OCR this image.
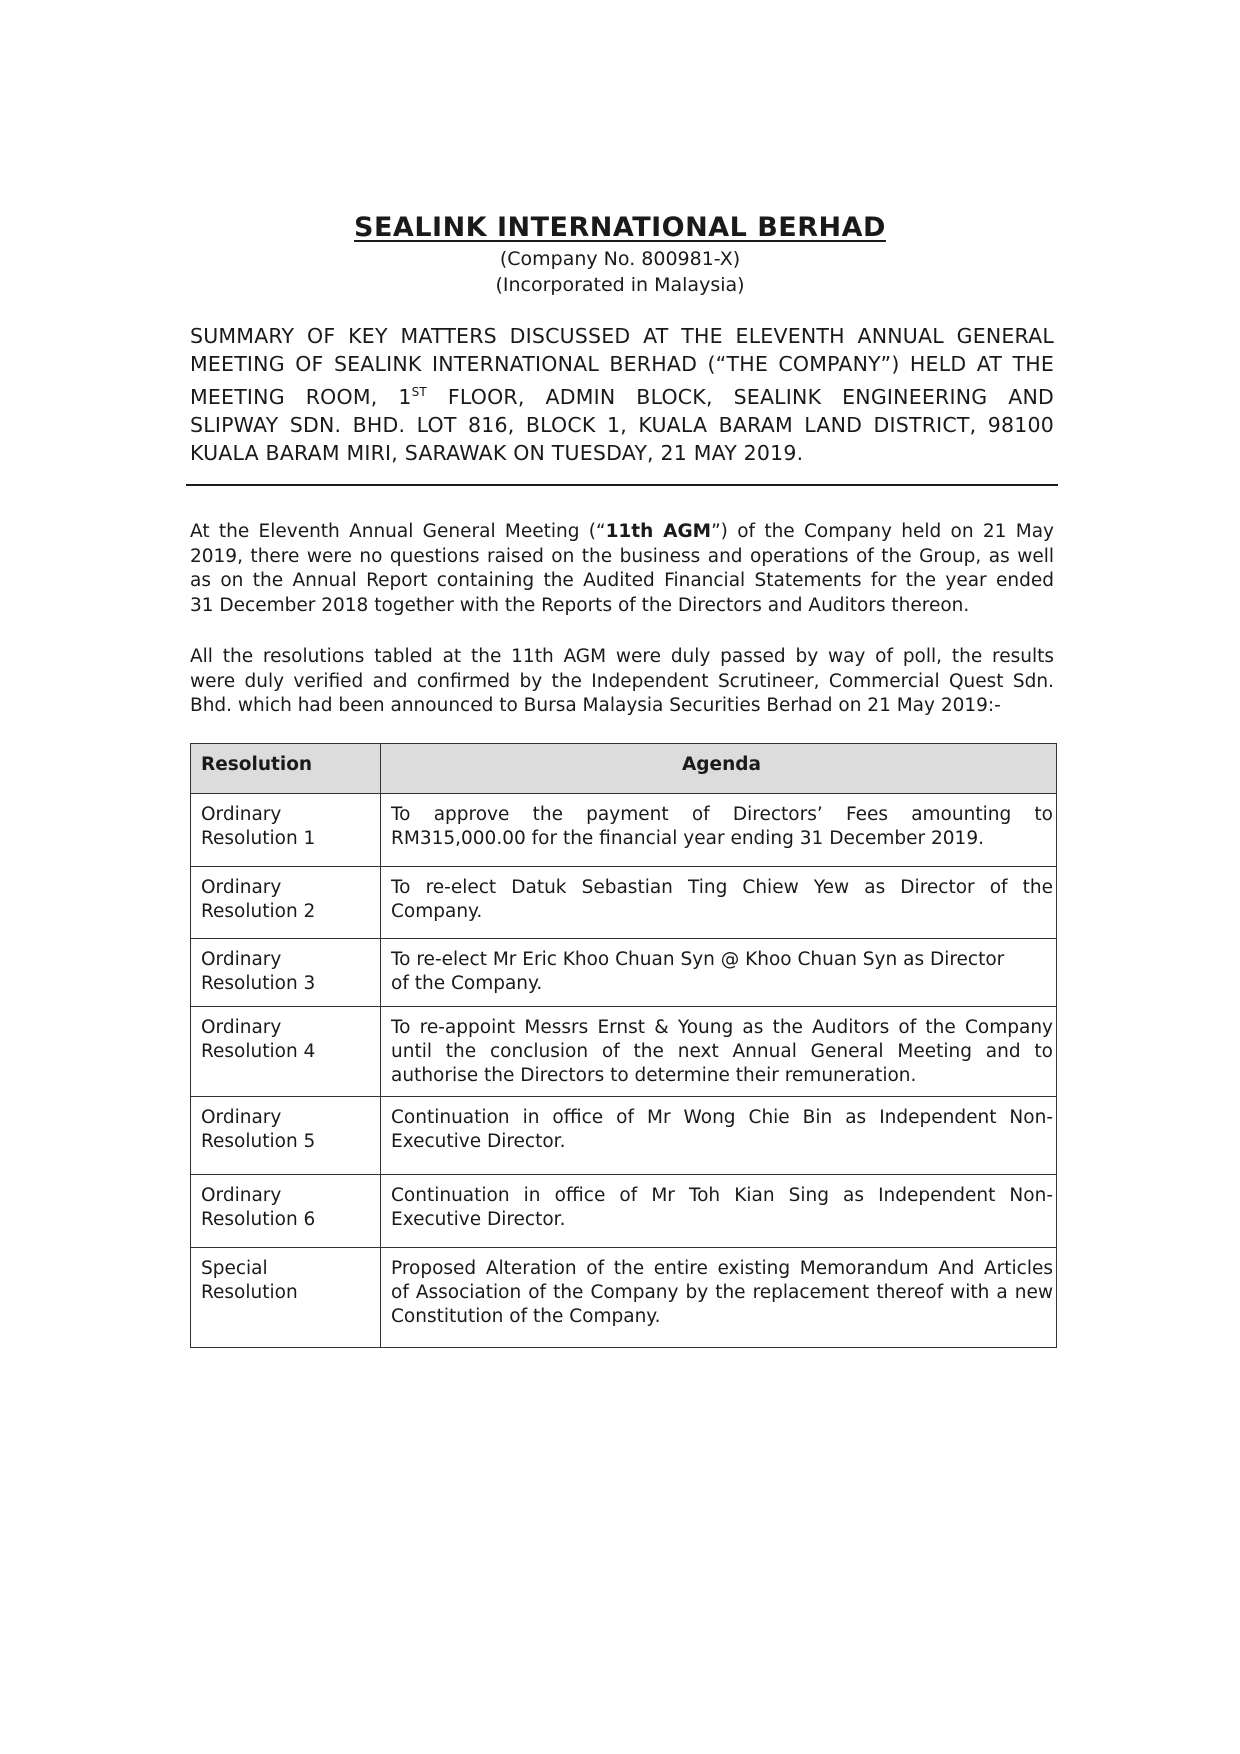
SEALINK INTERNATIONAL BERHAD
(Company No. 800981-X)
(Incorporated in Malaysia)
SUMMARY OF KEY MATTERS DISCUSSED AT THE ELEVENTH ANNUAL GENERAL
MEETING OF SEALINK INTERNATIONAL BERHAD (“THE COMPANY”) HELD AT THE
MEETING ROOM, 1ST FLOOR, ADMIN BLOCK, SEALINK ENGINEERING AND
SLIPWAY SDN. BHD. LOT 816, BLOCK 1, KUALA BARAM LAND DISTRICT, 98100
KUALA BARAM MIRI, SARAWAK ON TUESDAY, 21 MAY 2019.
At the Eleventh Annual General Meeting (“11th AGM”) of the Company held on 21 May
2019, there were no questions raised on the business and operations of the Group, as well
as on the Annual Report containing the Audited Financial Statements for the year ended
31 December 2018 together with the Reports of the Directors and Auditors thereon.
All the resolutions tabled at the 11th AGM were duly passed by way of poll, the results
were duly verified and confirmed by the Independent Scrutineer, Commercial Quest Sdn.
Bhd. which had been announced to Bursa Malaysia Securities Berhad on 21 May 2019:-
Resolution	Agenda

Ordinary
Resolution 1	To approve the payment of Directors’ Fees amounting to
RM315,000.00 for the financial year ending 31 December 2019.

Ordinary
Resolution 2	To re-elect Datuk Sebastian Ting Chiew Yew as Director of the
Company.

Ordinary
Resolution 3	To re-elect Mr Eric Khoo Chuan Syn @ Khoo Chuan Syn as Director
of the Company.

Ordinary
Resolution 4	To re-appoint Messrs Ernst & Young as the Auditors of the Company
until the conclusion of the next Annual General Meeting and to
authorise the Directors to determine their remuneration.

Ordinary
Resolution 5	Continuation in office of Mr Wong Chie Bin as Independent Non-
Executive Director.

Ordinary
Resolution 6	Continuation in office of Mr Toh Kian Sing as Independent Non-
Executive Director.

Special
Resolution	Proposed Alteration of the entire existing Memorandum And Articles
of Association of the Company by the replacement thereof with a new
Constitution of the Company.
